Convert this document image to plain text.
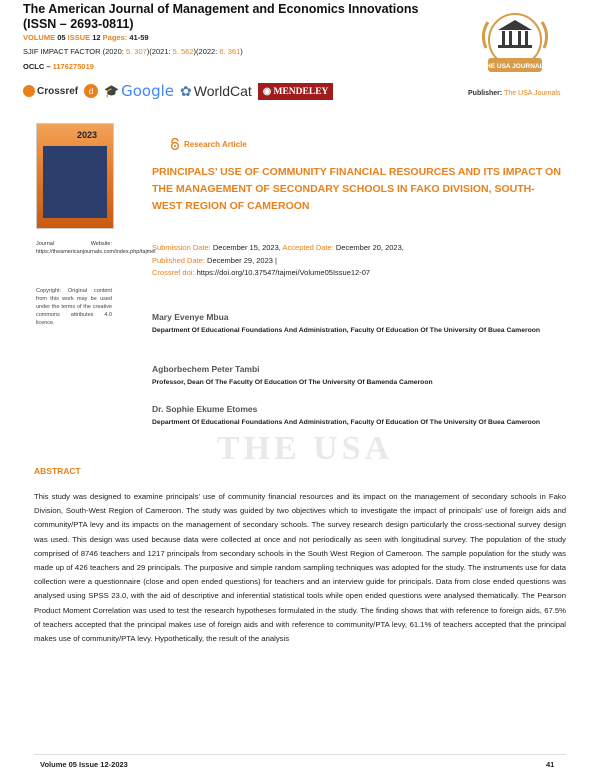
The American Journal of Management and Economics Innovations
(ISSN – 2693-0811)
VOLUME 05 ISSUE 12 Pages: 41-59
SJIF IMPACT FACTOR (2020: 5. 307)(2021: 5. 562)(2022: 6. 361)
OCLC – 1176275019
Crossref	d 🎓 Google ✿ WorldCat	◉ MENDELEY
THE USA JOURNALS
Publisher: The USA Journals
2023
Journal Website: https://theamericanjournals.com/index.php/tajmei
Copyright: Original content from this work may be used under the terms of the creative commons attributes 4.0 licence.
Research Article
PRINCIPALS’ USE OF COMMUNITY FINANCIAL RESOURCES AND ITS IMPACT ON THE MANAGEMENT OF SECONDARY SCHOOLS IN FAKO DIVISION, SOUTH-WEST REGION OF CAMEROON
Submission Date: December 15, 2023, Accepted Date: December 20, 2023,
Published Date: December 29, 2023 |
Crossref doi: https://doi.org/10.37547/tajmei/Volume05Issue12-07
Mary Evenye Mbua
Department Of Educational Foundations And Administration, Faculty Of Education Of The University Of Buea Cameroon
Agborbechem Peter Tambi
Professor, Dean Of The Faculty Of Education Of The University Of Bamenda Cameroon
Dr. Sophie Ekume Etomes
Department Of Educational Foundations And Administration, Faculty Of Education Of The University Of Buea Cameroon
THE USA
ABSTRACT
This study was designed to examine principals’ use of community financial resources and its impact on the management of secondary schools in Fako Division, South-West Region of Cameroon. The study was guided by two objectives which to investigate the impact of principals’ use of foreign aids and community/PTA levy and its impacts on the management of secondary schools. The survey research design particularly the cross-sectional survey design was used. This design was used because data were collected at once and not periodically as seen with longitudinal survey. The population of the study comprised of 8746 teachers and 1217 principals from secondary schools in the South West Region of Cameroon. The sample population for the study was made up of 426 teachers and 29 principals. The purposive and simple random sampling techniques was adopted for the study. The instruments use for data collection were a questionnaire (close and open ended questions) for teachers and an interview guide for principals. Data from close ended questions was analysed using SPSS 23.0, with the aid of descriptive and inferential statistical tools while open ended questions were analysed thematically. The Pearson Product Moment Correlation was used to test the research hypotheses formulated in the study. The finding shows that with reference to foreign aids, 67.5% of teachers accepted that the principal makes use of foreign aids and with reference to community/PTA levy, 61.1% of teachers accepted that the principal makes use of community/PTA levy. Hypothetically, the result of the analysis
Volume 05 Issue 12-2023	41
